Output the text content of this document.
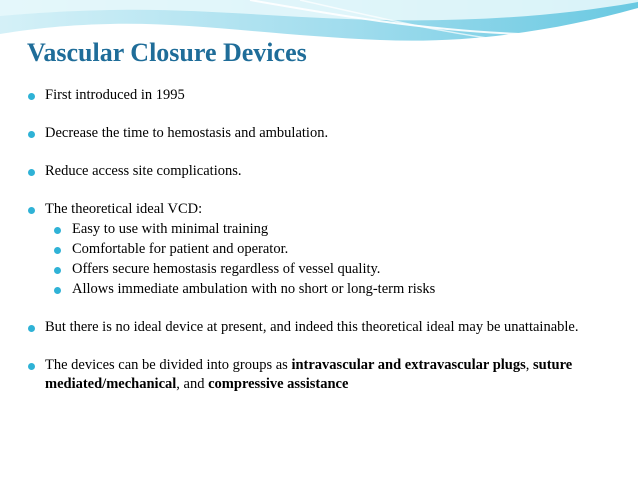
Vascular Closure Devices

First introduced in 1995

Decrease the time to hemostasis and ambulation.

Reduce access site complications.

The theoretical ideal VCD:

Easy to use with minimal training

Comfortable for patient and operator.

Offers secure hemostasis regardless of vessel quality.

Allows immediate ambulation with no short or long-term risks

But there is no ideal device at present, and indeed this theoretical ideal may be unattainable.

The devices can be divided into groups as intravascular and extravascular plugs, suture mediated/mechanical, and compressive assistance
